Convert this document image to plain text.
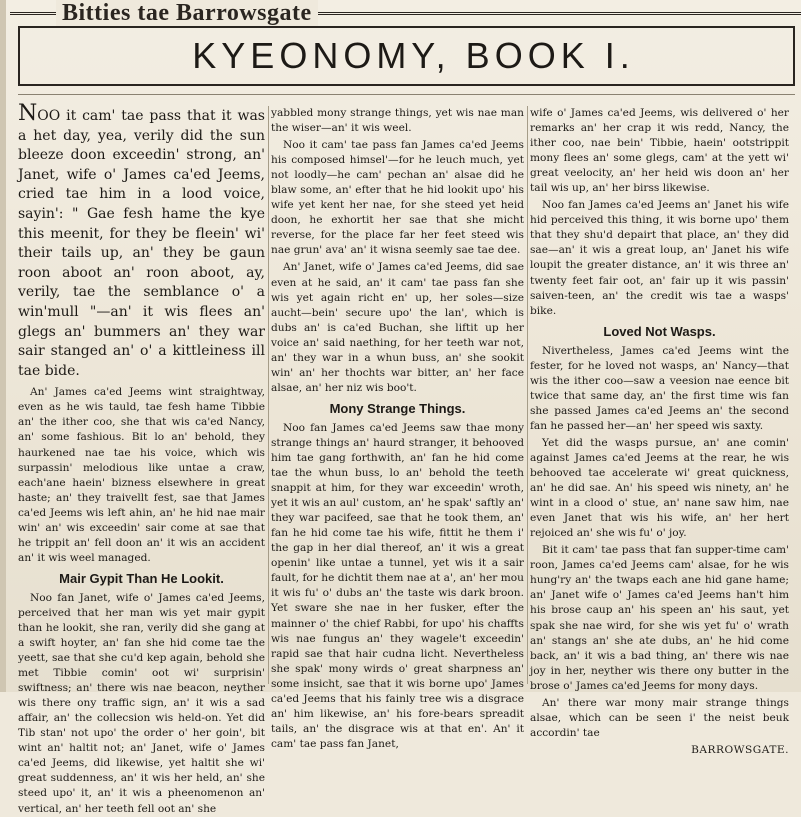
Bitties tae Barrowsgate
KYEONOMY, BOOK I.

NOO it cam' tae pass that it was a het day, yea, verily did the sun bleeze doon exceedin' strong, an' Janet, wife o' James ca'ed Jeems, cried tae him in a lood voice, sayin': " Gae fesh hame the kye this meenit, for they be fleein' wi' their tails up, an' they be gaun roon aboot an' roon aboot, ay, verily, tae the semblance o' a win'mull "—an' it wis flees an' glegs an' bummers an' they war sair stanged an' o' a kittleiness ill tae bide.

An' James ca'ed Jeems wint straightway, even as he wis tauld, tae fesh hame Tibbie an' the ither coo, she that wis ca'ed Nancy, an' some fashious. Bit lo an' behold, they haurkened nae tae his voice, which wis surpassin' melodious like untae a craw, each'ane haein' bizness elsewhere in great haste; an' they traivellt fest, sae that James ca'ed Jeems wis left ahin, an' he hid nae mair win' an' wis exceedin' sair come at sae that he trippit an' fell doon an' it wis an accident an' it wis weel managed.

Mair Gypit Than He Lookit.

Noo fan Janet, wife o' James ca'ed Jeems, perceived that her man wis yet mair gypit than he lookit, she ran, verily did she gang at a swift hoyter, an' fan she hid come tae the yeett, sae that she cu'd kep again, behold she met Tibbie comin' oot wi' surprisin' swiftness; an' there wis nae beacon, neyther wis there ony traffic sign, an' it wis a sad affair, an' the collecsion wis held-on. Yet did Tib stan' not upo' the order o' her goin', bit wint an' haltit not; an' Janet, wife o' James ca'ed Jeems, did likewise, yet haltit she wi' great suddenness, an' it wis her held, an' she steed upo' it, an' it wis a pheenomenon an' vertical, an' her teeth fell oot an' she

yabbled mony strange things, yet wis nae man the wiser—an' it wis weel.

Noo it cam' tae pass fan James ca'ed Jeems his composed himsel'—for he leuch much, yet not loodly—he cam' pechan an' alsae did he blaw some, an' efter that he hid lookit upo' his wife yet kent her nae, for she steed yet heid doon, he exhortit her sae that she micht reverse, for the place far her feet steed wis nae grun' ava' an' it wisna seemly sae tae dee.

An' Janet, wife o' James ca'ed Jeems, did sae even at he said, an' it cam' tae pass fan she wis yet again richt en' up, her soles—size aucht—bein' secure upo' the lan', which is dubs an' is ca'ed Buchan, she liftit up her voice an' said naething, for her teeth war not, an' they war in a whun buss, an' she sookit win' an' her thochts war bitter, an' her face alsae, an' her niz wis boo't.

Mony Strange Things.

Noo fan James ca'ed Jeems saw thae mony strange things an' haurd stranger, it behooved him tae gang forthwith, an' fan he hid come tae the whun buss, lo an' behold the teeth snappit at him, for they war exceedin' wroth, yet it wis an aul' custom, an' he spak' saftly an' they war pacifeed, sae that he took them, an' fan he hid come tae his wife, fittit he them i' the gap in her dial thereof, an' it wis a great openin' like untae a tunnel, yet wis it a sair fault, for he dichtit them nae at a', an' her mou it wis fu' o' dubs an' the taste wis dark broon. Yet sware she nae in her fusker, efter the mainner o' the chief Rabbi, for upo' his chaffts wis nae fungus an' they wagele't exceedin' rapid sae that hair cudna licht. Nevertheless she spak' mony wirds o' great sharpness an' some insicht, sae that it wis borne upo' James ca'ed Jeems that his fainly tree wis a disgrace an' him likewise, an' his fore-bears spreadit tails, an' the disgrace wis at that en'. An' it cam' tae pass fan Janet,

wife o' James ca'ed Jeems, wis delivered o' her remarks an' her crap it wis redd, Nancy, the ither coo, nae bein' Tibbie, haein' ootstrippit mony flees an' some glegs, cam' at the yett wi' great veelocity, an' her heid wis doon an' her tail wis up, an' her birss likewise.

Noo fan James ca'ed Jeems an' Janet his wife hid perceived this thing, it wis borne upo' them that they shu'd depairt that place, an' they did sae—an' it wis a great loup, an' Janet his wife loupit the greater distance, an' it wis three an' twenty feet fair oot, an' fair up it wis passin' saiven-teen, an' the credit wis tae a wasps' bike.

Loved Not Wasps.

Nivertheless, James ca'ed Jeems wint the fester, for he loved not wasps, an' Nancy—that wis the ither coo—saw a veesion nae eence bit twice that same day, an' the first time wis fan she passed James ca'ed Jeems an' the second fan he passed her—an' her speed wis saxty.

Yet did the wasps pursue, an' ane comin' against James ca'ed Jeems at the rear, he wis behooved tae accelerate wi' great quickness, an' he did sae. An' his speed wis ninety, an' he wint in a clood o' stue, an' nane saw him, nae even Janet that wis his wife, an' her hert rejoiced an' she wis fu' o' joy.

Bit it cam' tae pass that fan supper-time cam' roon, James ca'ed Jeems cam' alsae, for he wis hung'ry an' the twaps each ane hid gane hame; an' Janet wife o' James ca'ed Jeems han't him his brose caup an' his speen an' his saut, yet spak she nae wird, for she wis yet fu' o' wrath an' stangs an' she ate dubs, an' he hid come back, an' it wis a bad thing, an' there wis nae joy in her, neyther wis there ony butter in the brose o' James ca'ed Jeems for mony days.

An' there war mony mair strange things alsae, which can be seen i' the neist beuk accordin' tae

BARROWSGATE.
